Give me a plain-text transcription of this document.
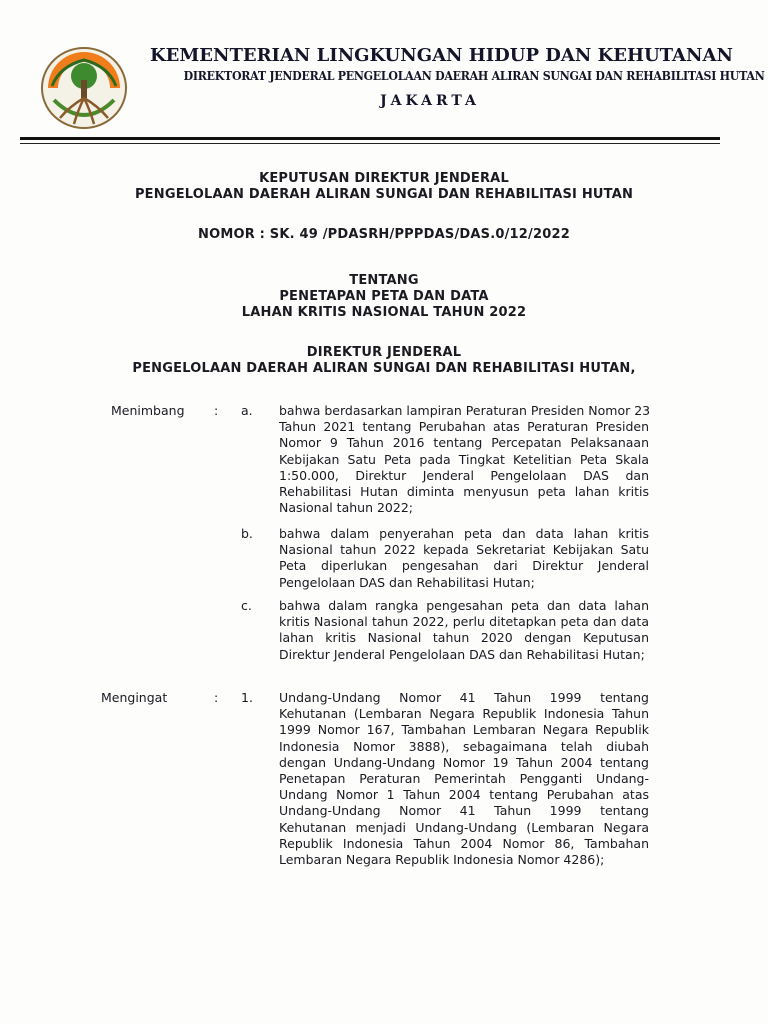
KEMENTERIAN LINGKUNGAN HIDUP DAN KEHUTANAN
DIREKTORAT JENDERAL PENGELOLAAN DAERAH ALIRAN SUNGAI DAN REHABILITASI HUTAN
JAKARTA
KEPUTUSAN DIREKTUR JENDERAL
PENGELOLAAN DAERAH ALIRAN SUNGAI DAN REHABILITASI HUTAN
NOMOR : SK. 49 /PDASRH/PPPDAS/DAS.0/12/2022
TENTANG
PENETAPAN PETA DAN DATA
LAHAN KRITIS NASIONAL TAHUN 2022
DIREKTUR JENDERAL
PENGELOLAAN DAERAH ALIRAN SUNGAI DAN REHABILITASI HUTAN,
Menimbang : a. bahwa berdasarkan lampiran Peraturan Presiden Nomor 23
Tahun 2021 tentang Perubahan atas Peraturan Presiden
Nomor 9 Tahun 2016 tentang Percepatan Pelaksanaan
Kebijakan Satu Peta pada Tingkat Ketelitian Peta Skala
1:50.000, Direktur Jenderal Pengelolaan DAS dan
Rehabilitasi Hutan diminta menyusun peta lahan kritis
Nasional tahun 2022;
b. bahwa dalam penyerahan peta dan data lahan kritis
Nasional tahun 2022 kepada Sekretariat Kebijakan Satu
Peta diperlukan pengesahan dari Direktur Jenderal
Pengelolaan DAS dan Rehabilitasi Hutan;
c. bahwa dalam rangka pengesahan peta dan data lahan
kritis Nasional tahun 2022, perlu ditetapkan peta dan data
lahan kritis Nasional tahun 2020 dengan Keputusan
Direktur Jenderal Pengelolaan DAS dan Rehabilitasi Hutan;
Mengingat	: 1. Undang-Undang Nomor 41 Tahun 1999 tentang
Kehutanan (Lembaran Negara Republik Indonesia Tahun
1999 Nomor 167, Tambahan Lembaran Negara Republik
Indonesia Nomor 3888), sebagaimana telah diubah
dengan Undang-Undang Nomor 19 Tahun 2004 tentang
Penetapan Peraturan Pemerintah Pengganti Undang-
Undang Nomor 1 Tahun 2004 tentang Perubahan atas
Undang-Undang Nomor 41 Tahun 1999 tentang
Kehutanan menjadi Undang-Undang (Lembaran Negara
Republik Indonesia Tahun 2004 Nomor 86, Tambahan
Lembaran Negara Republik Indonesia Nomor 4286);
